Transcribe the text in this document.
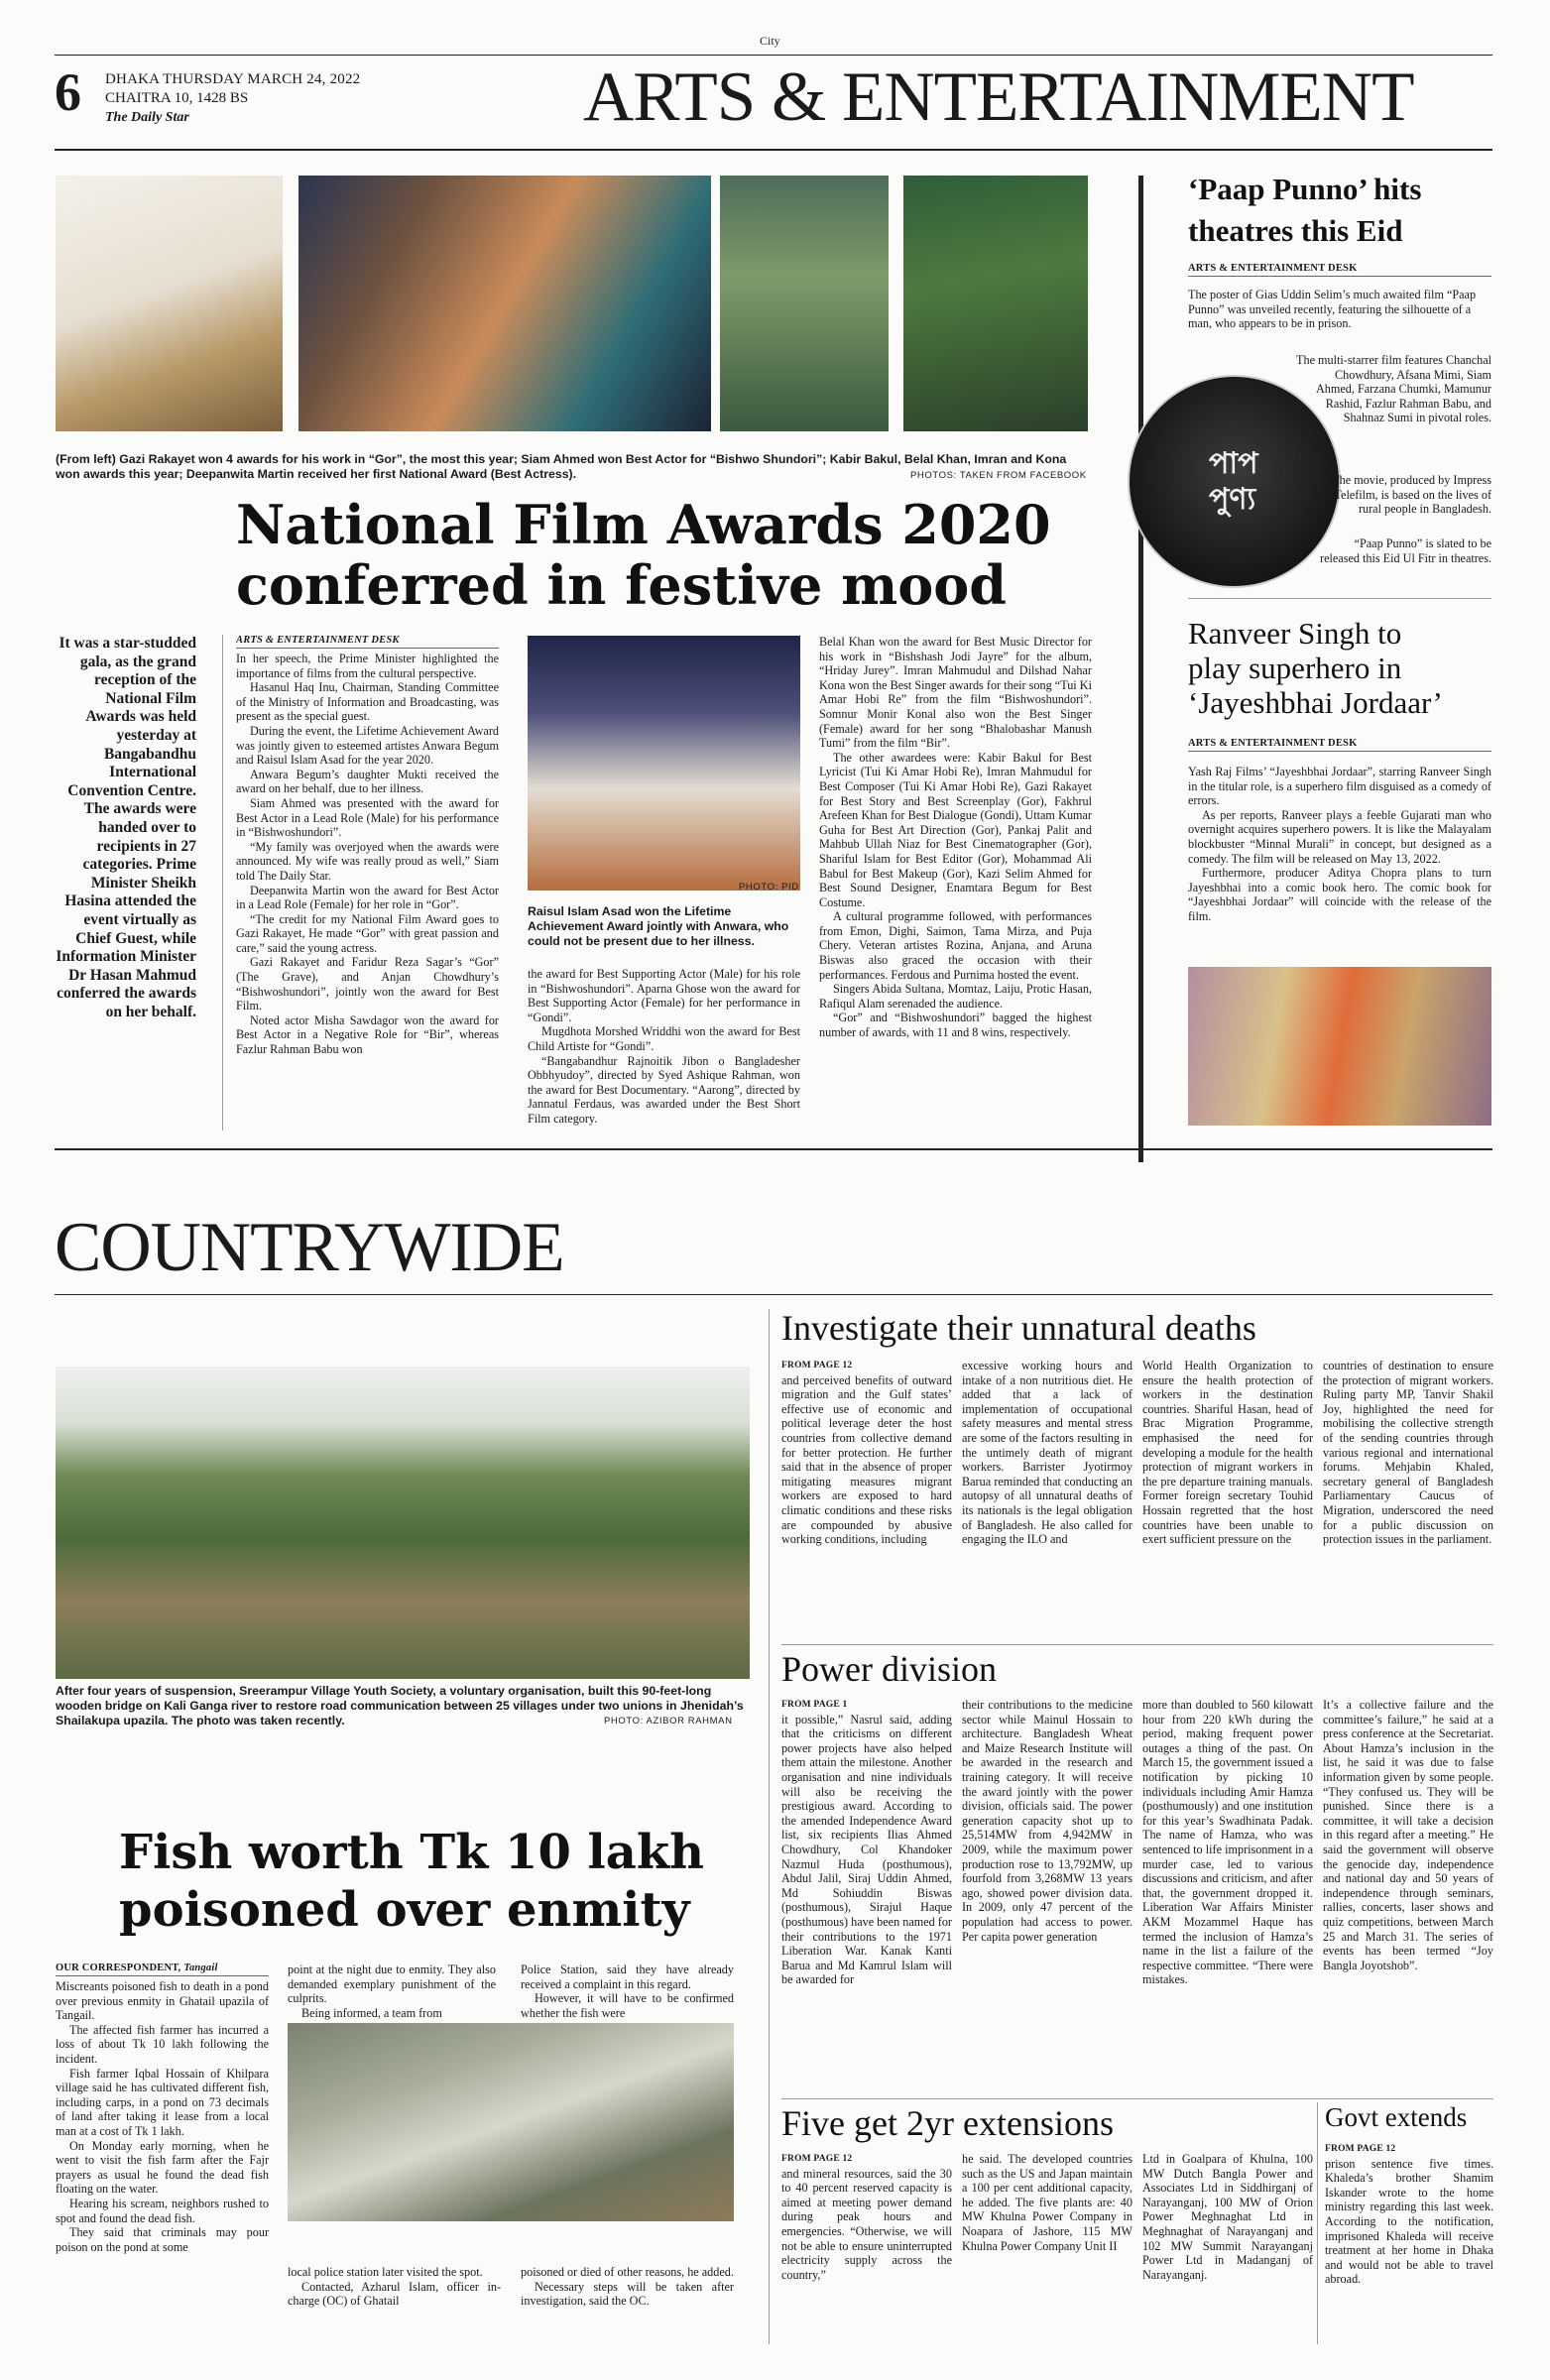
City
6 DHAKA THURSDAY MARCH 24, 2022
CHAITRA 10, 1428 BS
The Daily Star	ARTS & ENTERTAINMENT
(From left) Gazi Rakayet won 4 awards for his work in “Gor”, the most this year; Siam Ahmed won Best Actor for “Bishwo Shundori”; Kabir Bakul, Belal Khan, Imran and Kona won awards this year; Deepanwita Martin received her first National Award (Best Actress).	PHOTOS: TAKEN FROM FACEBOOK
National Film Awards 2020
conferred in festive mood
It was a star-studded gala, as the grand reception of the National Film Awards was held yesterday at Bangabandhu International Convention Centre. The awards were handed over to recipients in 27 categories. Prime Minister Sheikh Hasina attended the event virtually as Chief Guest, while Information Minister Dr Hasan Mahmud conferred the awards on her behalf.
ARTS & ENTERTAINMENT DESK

In her speech, the Prime Minister highlighted the importance of films from the cultural perspective.

Hasanul Haq Inu, Chairman, Standing Committee of the Ministry of Information and Broadcasting, was present as the special guest.

During the event, the Lifetime Achievement Award was jointly given to esteemed artistes Anwara Begum and Raisul Islam Asad for the year 2020.

Anwara Begum’s daughter Mukti received the award on her behalf, due to her illness.

Siam Ahmed was presented with the award for Best Actor in a Lead Role (Male) for his performance in “Bishwoshundori”.

“My family was overjoyed when the awards were announced. My wife was really proud as well,” Siam told The Daily Star.

Deepanwita Martin won the award for Best Actor in a Lead Role (Female) for her role in “Gor”.

“The credit for my National Film Award goes to Gazi Rakayet, He made “Gor” with great passion and care,” said the young actress.

Gazi Rakayet and Faridur Reza Sagar’s “Gor” (The Grave), and Anjan Chowdhury’s “Bishwoshundori”, jointly won the award for Best Film.

Noted actor Misha Sawdagor won the award for Best Actor in a Negative Role for “Bir”, whereas Fazlur Rahman Babu won

PHOTO: PID
Raisul Islam Asad won the Lifetime Achievement Award jointly with Anwara, who could not be present due to her illness.

the award for Best Supporting Actor (Male) for his role in “Bishwoshundori”. Aparna Ghose won the award for Best Supporting Actor (Female) for her performance in “Gondi”.

Mugdhota Morshed Wriddhi won the award for Best Child Artiste for “Gondi”.

“Bangabandhur Rajnoitik Jibon o Bangladesher Obbhyudoy”, directed by Syed Ashique Rahman, won the award for Best Documentary. “Aarong”, directed by Jannatul Ferdaus, was awarded under the Best Short Film category.

Belal Khan won the award for Best Music Director for his work in “Bishshash Jodi Jayre” for the album, “Hriday Jurey”. Imran Mahmudul and Dilshad Nahar Kona won the Best Singer awards for their song “Tui Ki Amar Hobi Re” from the film “Bishwoshundori”. Somnur Monir Konal also won the Best Singer (Female) award for her song “Bhalobashar Manush Tumi” from the film “Bir”.

The other awardees were: Kabir Bakul for Best Lyricist (Tui Ki Amar Hobi Re), Imran Mahmudul for Best Composer (Tui Ki Amar Hobi Re), Gazi Rakayet for Best Story and Best Screenplay (Gor), Fakhrul Arefeen Khan for Best Dialogue (Gondi), Uttam Kumar Guha for Best Art Direction (Gor), Pankaj Palit and Mahbub Ullah Niaz for Best Cinematographer (Gor), Shariful Islam for Best Editor (Gor), Mohammad Ali Babul for Best Makeup (Gor), Kazi Selim Ahmed for Best Sound Designer, Enamtara Begum for Best Costume.

A cultural programme followed, with performances from Emon, Dighi, Saimon, Tama Mirza, and Puja Chery. Veteran artistes Rozina, Anjana, and Aruna Biswas also graced the occasion with their performances. Ferdous and Purnima hosted the event.

Singers Abida Sultana, Momtaz, Laiju, Protic Hasan, Rafiqul Alam serenaded the audience.

“Gor” and “Bishwoshundori” bagged the highest number of awards, with 11 and 8 wins, respectively.

‘Paap Punno’ hits
theatres this Eid
ARTS & ENTERTAINMENT DESK
The poster of Gias Uddin Selim’s much awaited film “Paap Punno” was unveiled recently, featuring the silhouette of a man, who appears to be in prison.
পাপ
পুণ্য
The multi-starrer film features Chanchal Chowdhury, Afsana Mimi, Siam Ahmed, Farzana Chumki, Mamunur Rashid, Fazlur Rahman Babu, and Shahnaz Sumi in pivotal roles.
The movie, produced by Impress Telefilm, is based on the lives of rural people in Bangladesh.
“Paap Punno” is slated to be released this Eid Ul Fitr in theatres.
Ranveer Singh to
play superhero in
‘Jayeshbhai Jordaar’
ARTS & ENTERTAINMENT DESK

Yash Raj Films’ “Jayeshbhai Jordaar”, starring Ranveer Singh in the titular role, is a superhero film disguised as a comedy of errors.

As per reports, Ranveer plays a feeble Gujarati man who overnight acquires superhero powers. It is like the Malayalam blockbuster “Minnal Murali” in concept, but designed as a comedy. The film will be released on May 13, 2022.

Furthermore, producer Aditya Chopra plans to turn Jayeshbhai into a comic book hero. The comic book for “Jayeshbhai Jordaar” will coincide with the release of the film.

COUNTRYWIDE
After four years of suspension, Sreerampur Village Youth Society, a voluntary organisation, built this 90-feet-long wooden bridge on Kali Ganga river to restore road communication between 25 villages under two unions in Jhenidah’s Shailakupa upazila. The photo was taken recently.	PHOTO: AZIBOR RAHMAN
Fish worth Tk 10 lakh
poisoned over enmity
OUR CORRESPONDENT, Tangail

Miscreants poisoned fish to death in a pond over previous enmity in Ghatail upazila of Tangail.

The affected fish farmer has incurred a loss of about Tk 10 lakh following the incident.

Fish farmer Iqbal Hossain of Khilpara village said he has cultivated different fish, including carps, in a pond on 73 decimals of land after taking it lease from a local man at a cost of Tk 1 lakh.

On Monday early morning, when he went to visit the fish farm after the Fajr prayers as usual he found the dead fish floating on the water.

Hearing his scream, neighbors rushed to spot and found the dead fish.

They said that criminals may pour poison on the pond at some

point at the night due to enmity. They also demanded exemplary punishment of the culprits.

Being informed, a team from

Police Station, said they have already received a complaint in this regard.

However, it will have to be confirmed whether the fish were

local police station later visited the spot.

Contacted, Azharul Islam, officer in-charge (OC) of Ghatail

poisoned or died of other reasons, he added.

Necessary steps will be taken after investigation, said the OC.

Investigate their unnatural deaths
FROM PAGE 12
and perceived benefits of outward migration and the Gulf states’ effective use of economic and political leverage deter the host countries from collective demand for better protection. He further said that in the absence of proper mitigating measures migrant workers are exposed to hard climatic conditions and these risks are compounded by abusive working conditions, including
excessive working hours and intake of a non nutritious diet. He added that a lack of implementation of occupational safety measures and mental stress are some of the factors resulting in the untimely death of migrant workers. Barrister Jyotirmoy Barua reminded that conducting an autopsy of all unnatural deaths of its nationals is the legal obligation of Bangladesh. He also called for engaging the ILO and
World Health Organization to ensure the health protection of workers in the destination countries. Shariful Hasan, head of Brac Migration Programme, emphasised the need for developing a module for the health protection of migrant workers in the pre departure training manuals. Former foreign secretary Touhid Hossain regretted that the host countries have been unable to exert sufficient pressure on the
countries of destination to ensure the protection of migrant workers. Ruling party MP, Tanvir Shakil Joy, highlighted the need for mobilising the collective strength of the sending countries through various regional and international forums. Mehjabin Khaled, secretary general of Bangladesh Parliamentary Caucus of Migration, underscored the need for a public discussion on protection issues in the parliament.
Power division
FROM PAGE 1
it possible,” Nasrul said, adding that the criticisms on different power projects have also helped them attain the milestone. Another organisation and nine individuals will also be receiving the prestigious award. According to the amended Independence Award list, six recipients Ilias Ahmed Chowdhury, Col Khandoker Nazmul Huda (posthumous), Abdul Jalil, Siraj Uddin Ahmed, Md Sohiuddin Biswas (posthumous), Sirajul Haque (posthumous) have been named for their contributions to the 1971 Liberation War. Kanak Kanti Barua and Md Kamrul Islam will be awarded for
their contributions to the medicine sector while Mainul Hossain to architecture. Bangladesh Wheat and Maize Research Institute will be awarded in the research and training category. It will receive the award jointly with the power division, officials said. The power generation capacity shot up to 25,514MW from 4,942MW in 2009, while the maximum power production rose to 13,792MW, up fourfold from 3,268MW 13 years ago, showed power division data. In 2009, only 47 percent of the population had access to power. Per capita power generation
more than doubled to 560 kilowatt hour from 220 kWh during the period, making frequent power outages a thing of the past. On March 15, the government issued a notification by picking 10 individuals including Amir Hamza (posthumously) and one institution for this year’s Swadhinata Padak. The name of Hamza, who was sentenced to life imprisonment in a murder case, led to various discussions and criticism, and after that, the government dropped it. Liberation War Affairs Minister AKM Mozammel Haque has termed the inclusion of Hamza’s name in the list a failure of the respective committee. “There were mistakes.
It’s a collective failure and the committee’s failure,” he said at a press conference at the Secretariat. About Hamza’s inclusion in the list, he said it was due to false information given by some people. “They confused us. They will be punished. Since there is a committee, it will take a decision in this regard after a meeting.” He said the government will observe the genocide day, independence and national day and 50 years of independence through seminars, rallies, concerts, laser shows and quiz competitions, between March 25 and March 31. The series of events has been termed “Joy Bangla Joyotshob”.
Five get 2yr extensions
FROM PAGE 12
and mineral resources, said the 30 to 40 percent reserved capacity is aimed at meeting power demand during peak hours and emergencies. “Otherwise, we will not be able to ensure uninterrupted electricity supply across the country,”
he said. The developed countries such as the US and Japan maintain a 100 per cent additional capacity, he added. The five plants are: 40 MW Khulna Power Company in Noapara of Jashore, 115 MW Khulna Power Company Unit II
Ltd in Goalpara of Khulna, 100 MW Dutch Bangla Power and Associates Ltd in Siddhirganj of Narayanganj, 100 MW of Orion Power Meghnaghat Ltd in Meghnaghat of Narayanganj and 102 MW Summit Narayanganj Power Ltd in Madanganj of Narayanganj.
Govt extends
FROM PAGE 12
prison sentence five times. Khaleda’s brother Shamim Iskander wrote to the home ministry regarding this last week. According to the notification, imprisoned Khaleda will receive treatment at her home in Dhaka and would not be able to travel abroad.
